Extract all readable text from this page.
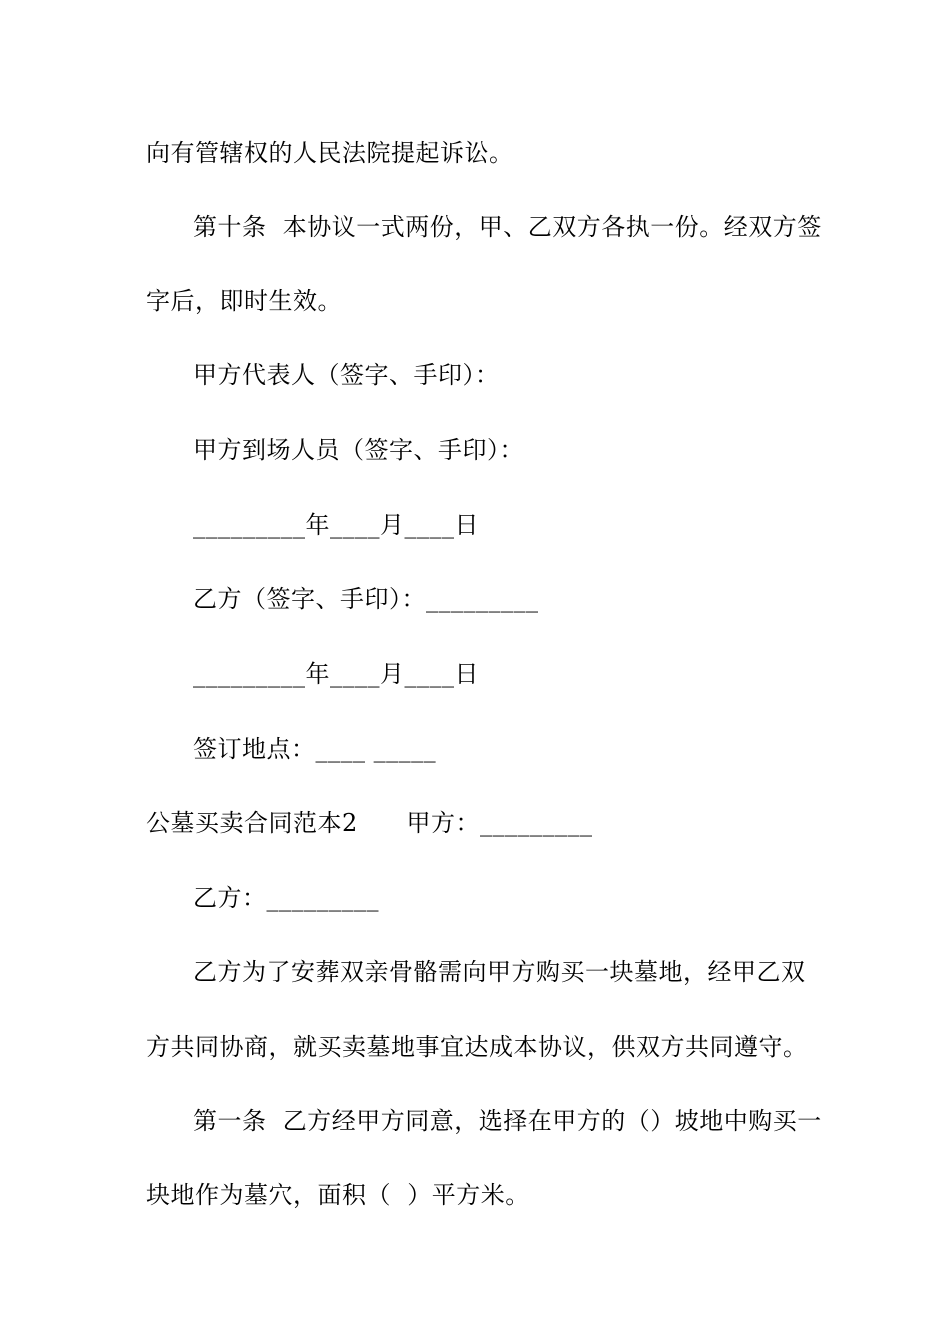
向有管辖权的人民法院提起诉讼。
第十条  本协议一式两份，甲、乙双方各执一份。经双方签
字后，即时生效。
甲方代表人（签字、手印）：
甲方到场人员（签字、手印）：
_________年____月____日
乙方（签字、手印）：_________
_________年____月____日
签订地点：____ _____
公墓买卖合同范本2      甲方：_________
乙方：_________
乙方为了安葬双亲骨骼需向甲方购买一块墓地，经甲乙双
方共同协商，就买卖墓地事宜达成本协议，供双方共同遵守。
第一条  乙方经甲方同意，选择在甲方的（）坡地中购买一
块地作为墓穴，面积（  ）平方米。
